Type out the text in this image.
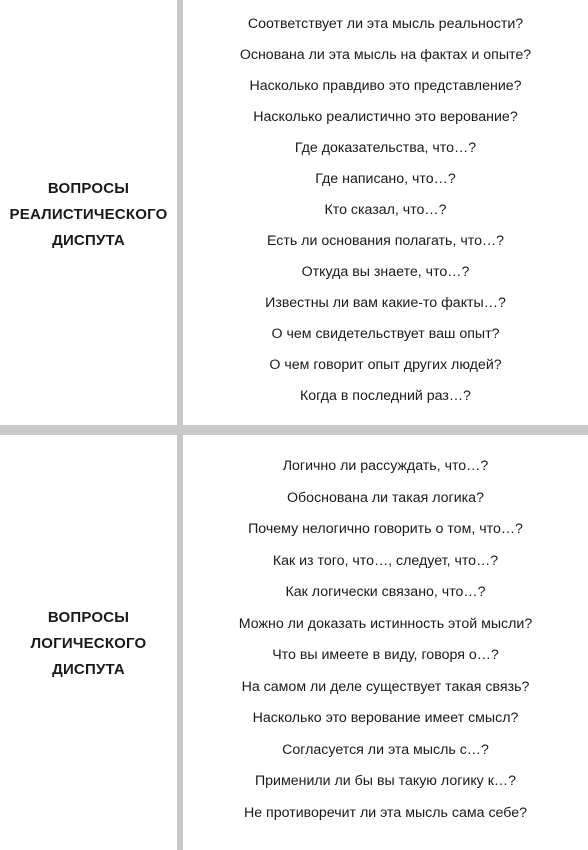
ВОПРОСЫ
РЕАЛИСТИЧЕСКОГО
ДИСПУТА
Соответствует ли эта мысль реальности?
Основана ли эта мысль на фактах и опыте?
Насколько правдиво это представление?
Насколько реалистично это верование?
Где доказательства, что…?
Где написано, что…?
Кто сказал, что…?
Есть ли основания полагать, что…?
Откуда вы знаете, что…?
Известны ли вам какие-то факты…?
О чем свидетельствует ваш опыт?
О чем говорит опыт других людей?
Когда в последний раз…?
ВОПРОСЫ
ЛОГИЧЕСКОГО
ДИСПУТА
Логично ли рассуждать, что…?
Обоснована ли такая логика?
Почему нелогично говорить о том, что…?
Как из того, что…, следует, что…?
Как логически связано, что…?
Можно ли доказать истинность этой мысли?
Что вы имеете в виду, говоря о…?
На самом ли деле существует такая связь?
Насколько это верование имеет смысл?
Согласуется ли эта мысль с…?
Применили ли бы вы такую логику к…?
Не противоречит ли эта мысль сама себе?
